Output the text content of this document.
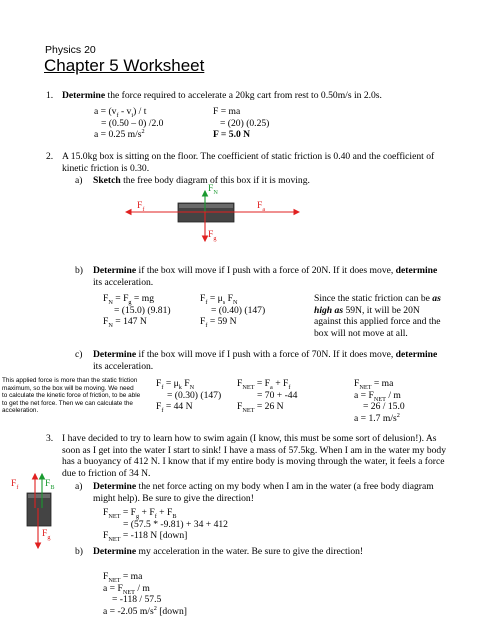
Physics 20
Chapter 5 Worksheet
1. Determine the force required to accelerate a 20kg cart from rest to 0.50m/s in 2.0s.
$a = (v_f - v_i) / t$
= (0.50 – 0) /2.0
a = 0.25 $m/s^2$
F = ma
= (20) (0.25)
F = 5.0 N
2. A 15.0kg box is sitting on the floor. The coefficient of static friction is 0.40 and the coefficient of
kinetic friction is 0.30.
a) Sketch the free body diagram of this box if it is moving.
$F_N$
$F_f$	$F_a$
$F_g$
b) Determine if the box will move if I push with a force of 20N. If it does move, determine
its acceleration.
$F_N = F_g$ = mg
= (15.0) (9.81)
$F_N = 147$ N
$F_f = \mu_s$ $F_N$
= (0.40) (147)
$F_f = 59$ N
Since the static friction can be as
high as 59N, it will be 20N
against this applied force and the
box will not move at all.
c) Determine if the box will move if I push with a force of 70N. If it does move, determine
its acceleration.
This applied force is more than the static friction
maximum, so the box will be moving. We need
to calculate the kinetic force of friction, to be able
to get the net force. Then we can calculate the
acceleration.
$F_f = \mu_k$ $F_N$
= (0.30) (147)
$F_f = 44$ N
$F_{NET} = F_a + F_f$
= 70 + -44
$F_{NET} = 26$ N
$F_{NET}$ = ma
$a = F_{NET} / m$
= 26 / 15.0
a = 1.7 $m/s^2$
3. I have decided to try to learn how to swim again (I know, this must be some sort of delusion!). As
soon as I get into the water I start to sink! I have a mass of 57.5kg. When I am in the water my body
has a buoyancy of 412 N. I know that if my entire body is moving through the water, it feels a force
due to friction of 34 N.
a) Determine the net force acting on my body when I am in the water (a free body diagram
might help). Be sure to give the direction!
$F_{NET} = F_g + F_f + F_B$
= (57.5 * -9.81) + 34 + 412
$F_{NET} = -118$ N [down]
$F_f$	$F_B$
$F_g$
b) Determine my acceleration in the water. Be sure to give the direction!
$F_{NET}$ = ma
$a = F_{NET} / m$
= -118 / 57.5
a = -2.05 $m/s^2$ [down]
